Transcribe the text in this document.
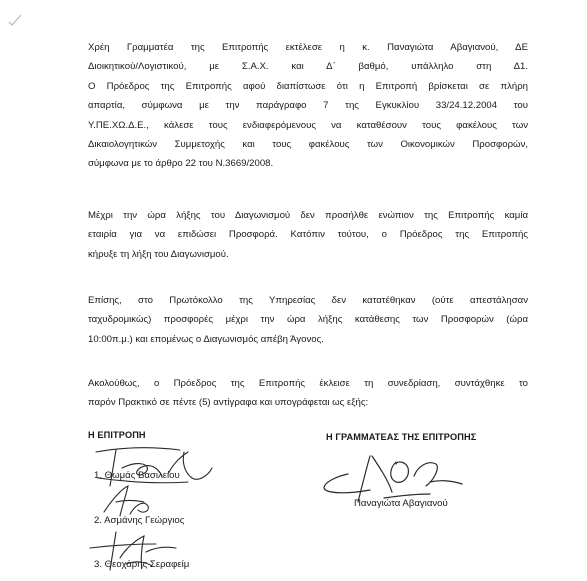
Χρέη Γραμματέα της Επιτροπής εκτέλεσε η κ. Παναγιώτα Αβαγιανού, ΔΕ
Διοικητικού/Λογιστικού, με Σ.Α.Χ. και Δ΄ βαθμό, υπάλληλο στη Δ1.
Ο Πρόεδρος της Επιτροπής αφού διαπίστωσε ότι η Επιτροπή βρίσκεται σε πλήρη
απαρτία, σύμφωνα με την παράγραφο 7 της Εγκυκλίου 33/24.12.2004 του
Υ.ΠΕ.ΧΩ.Δ.Ε., κάλεσε τους ενδιαφερόμενους να καταθέσουν τους φακέλους των
Δικαιολογητικών Συμμετοχής και τους φακέλους των Οικονομικών Προσφορών,
σύμφωνα με το άρθρο 22 του Ν.3669/2008.
Μέχρι την ώρα λήξης του Διαγωνισμού δεν προσήλθε ενώπιον της Επιτροπής καμία
εταιρία για να επιδώσει Προσφορά. Κατόπιν τούτου, ο Πρόεδρος της Επιτροπής
κήρυξε τη λήξη του Διαγωνισμού.
Επίσης, στο Πρωτόκολλο της Υπηρεσίας δεν κατατέθηκαν (ούτε απεστάλησαν
ταχυδρομικώς) προσφορές μέχρι την ώρα λήξης κατάθεσης των Προσφορών (ώρα
10:00π.μ.) και επομένως ο Διαγωνισμός απέβη Άγονος.
Ακολούθως, ο Πρόεδρος της Επιτροπής έκλεισε τη συνεδρίαση, συντάχθηκε το
παρόν Πρακτικό σε πέντε (5) αντίγραφα και υπογράφεται ως εξής:
Η ΕΠΙΤΡΟΠΗ	Η ΓΡΑΜΜΑΤΕΑΣ ΤΗΣ ΕΠΙΤΡΟΠΗΣ
1. Θωμάς Βασιλείου
2. Ασμάνης Γεώργιος
3. Θεοχάρης Σεραφείμ
Παναγιώτα Αβαγιανού
